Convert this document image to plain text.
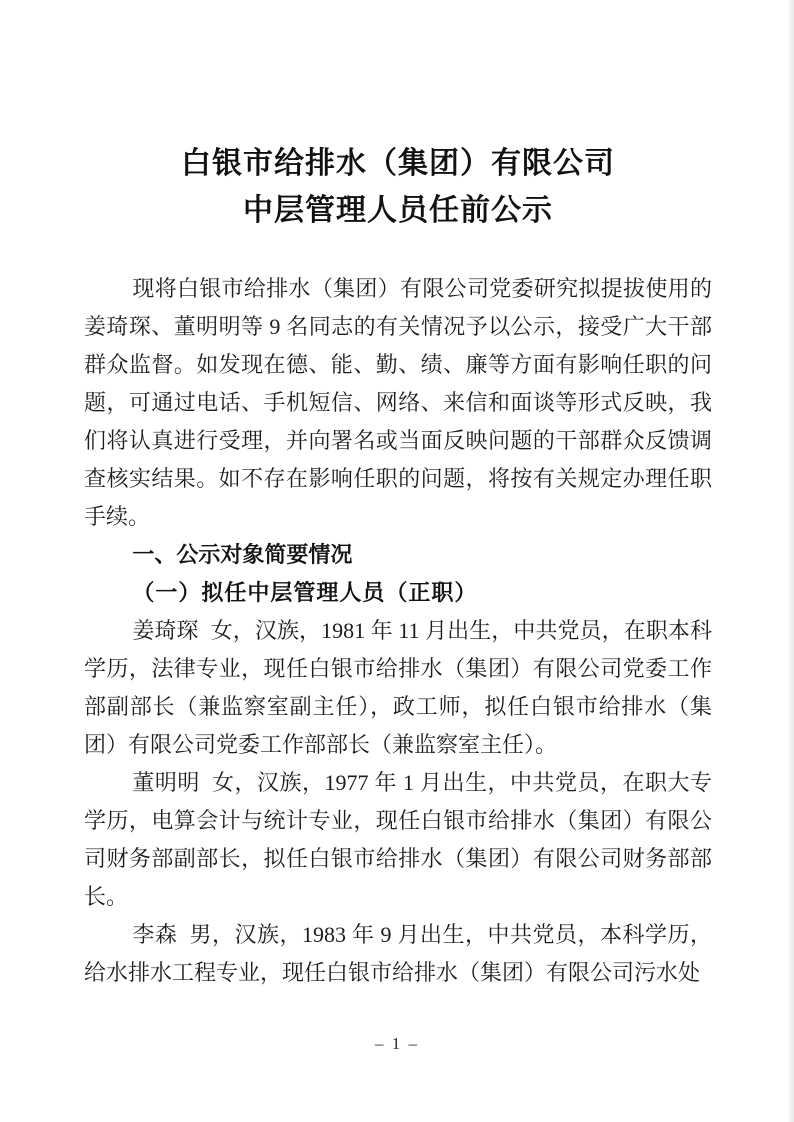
白银市给排水（集团）有限公司
中层管理人员任前公示

现将白银市给排水（集团）有限公司党委研究拟提拔使用的姜琦琛、董明明等 9 名同志的有关情况予以公示，接受广大干部群众监督。如发现在德、能、勤、绩、廉等方面有影响任职的问题，可通过电话、手机短信、网络、来信和面谈等形式反映，我们将认真进行受理，并向署名或当面反映问题的干部群众反馈调查核实结果。如不存在影响任职的问题，将按有关规定办理任职手续。

一、公示对象简要情况

（一）拟任中层管理人员（正职）

姜琦琛 女，汉族，1981 年 11 月出生，中共党员，在职本科学历，法律专业，现任白银市给排水（集团）有限公司党委工作部副部长（兼监察室副主任），政工师，拟任白银市给排水（集团）有限公司党委工作部部长（兼监察室主任）。

董明明 女，汉族，1977 年 1 月出生，中共党员，在职大专学历，电算会计与统计专业，现任白银市给排水（集团）有限公司财务部副部长，拟任白银市给排水（集团）有限公司财务部部长。

李森 男，汉族，1983 年 9 月出生，中共党员，本科学历，给水排水工程专业，现任白银市给排水（集团）有限公司污水处

– 1 –
